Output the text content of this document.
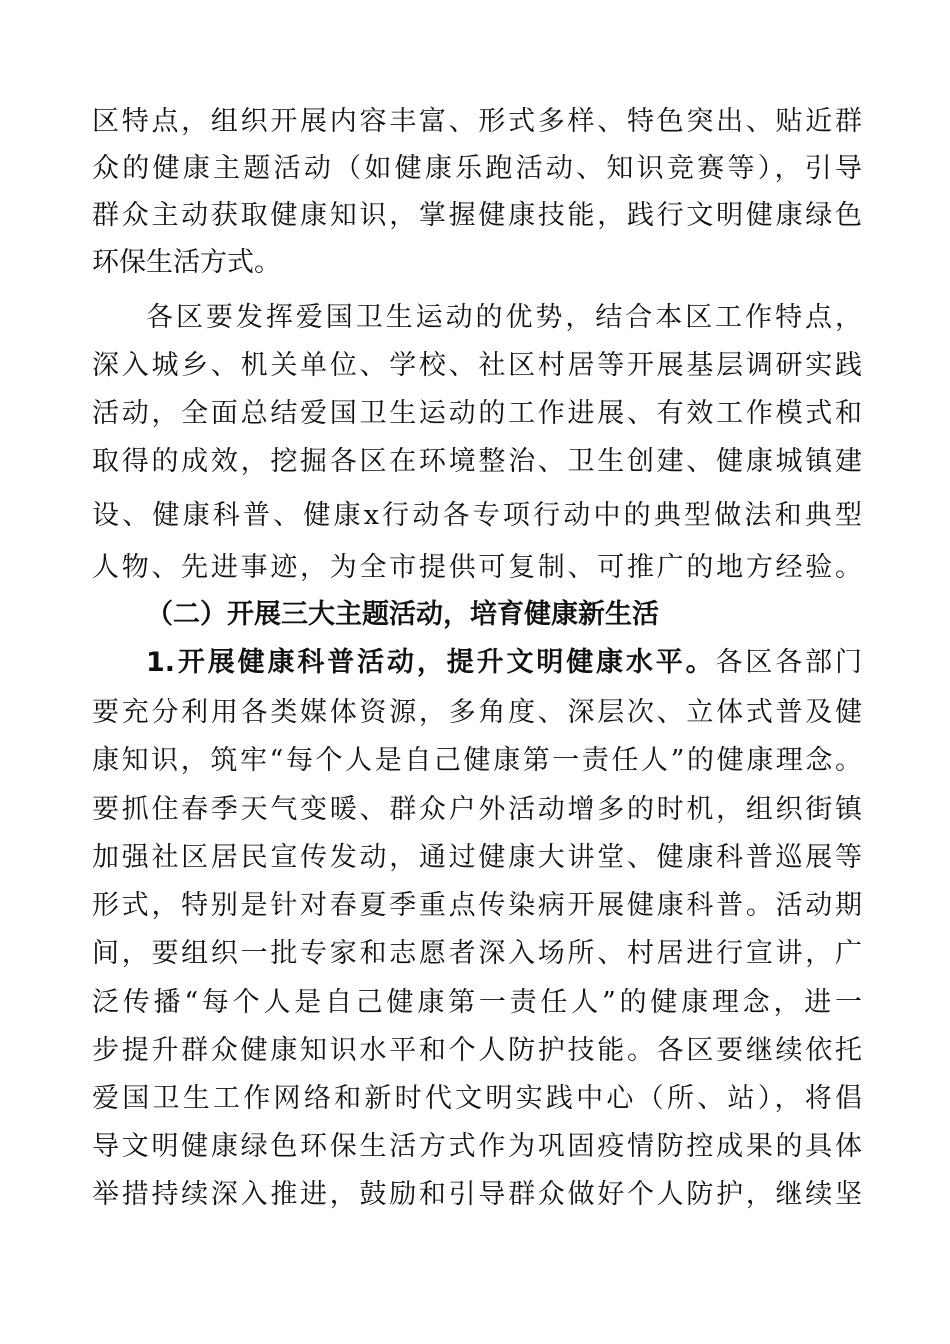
区特点，组织开展内容丰富、形式多样、特色突出、贴近群
众的健康主题活动（如健康乐跑活动、知识竞赛等），引导
群众主动获取健康知识，掌握健康技能，践行文明健康绿色
环保生活方式。
各区要发挥爱国卫生运动的优势，结合本区工作特点，
深入城乡、机关单位、学校、社区村居等开展基层调研实践
活动，全面总结爱国卫生运动的工作进展、有效工作模式和
取得的成效，挖掘各区在环境整治、卫生创建、健康城镇建
设、健康科普、健康x行动各专项行动中的典型做法和典型
人物、先进事迹，为全市提供可复制、可推广的地方经验。
（二）开展三大主题活动，培育健康新生活
1.开展健康科普活动，提升文明健康水平。各区各部门
要充分利用各类媒体资源，多角度、深层次、立体式普及健
康知识，筑牢“每个人是自己健康第一责任人”的健康理念。
要抓住春季天气变暖、群众户外活动增多的时机，组织街镇
加强社区居民宣传发动，通过健康大讲堂、健康科普巡展等
形式，特别是针对春夏季重点传染病开展健康科普。活动期
间，要组织一批专家和志愿者深入场所、村居进行宣讲，广
泛传播“每个人是自己健康第一责任人”的健康理念，进一
步提升群众健康知识水平和个人防护技能。各区要继续依托
爱国卫生工作网络和新时代文明实践中心（所、站），将倡
导文明健康绿色环保生活方式作为巩固疫情防控成果的具体
举措持续深入推进，鼓励和引导群众做好个人防护，继续坚
